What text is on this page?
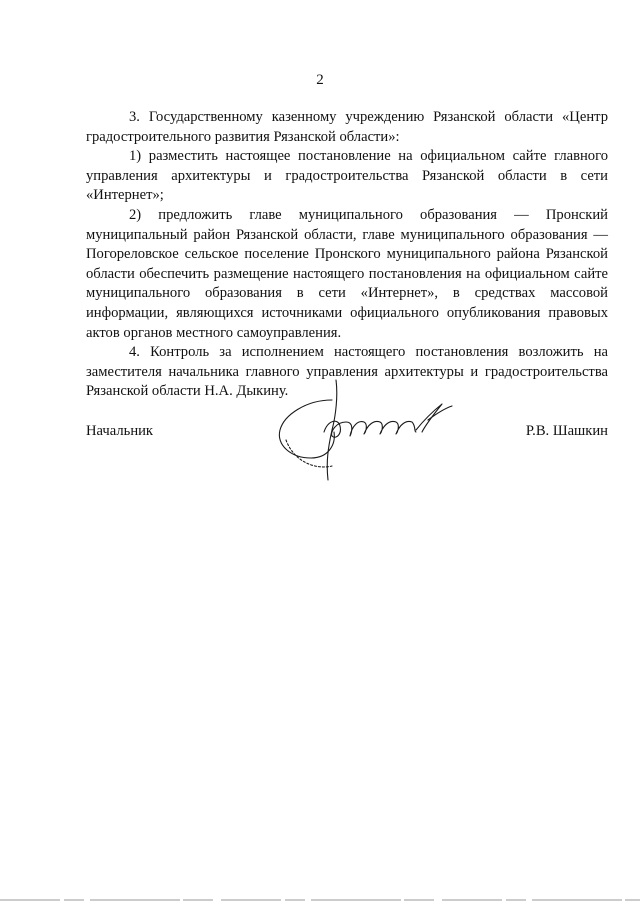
2

3. Государственному казенному учреждению Рязанской области «Центр градостроительного развития Рязанской области»:

1) разместить настоящее постановление на официальном сайте главного управления архитектуры и градостроительства Рязанской области в сети «Интернет»;

2) предложить главе муниципального образования — Пронский муниципальный район Рязанской области, главе муниципального образования — Погореловское сельское поселение Пронского муниципального района Рязанской области обеспечить размещение настоящего постановления на официальном сайте муниципального образования в сети «Интернет», в средствах массовой информации, являющихся источниками официального опубликования правовых актов органов местного самоуправления.

4. Контроль за исполнением настоящего постановления возложить на заместителя начальника главного управления архитектуры и градостроительства Рязанской области Н.А. Дыкину.

Начальник	Р.В. Шашкин
